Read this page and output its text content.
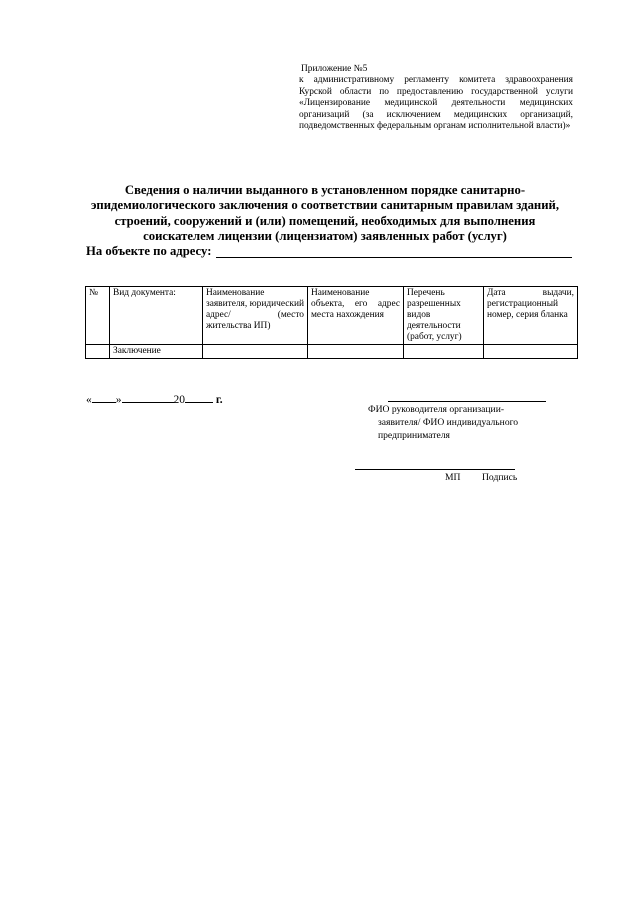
Приложение №5
к административному регламенту комитета здравоохранения Курской области по предоставлению государственной услуги «Лицензирование медицинской деятельности медицинских организаций (за исключением медицинских организаций, подведомственных федеральным органам исполнительной власти)»
Сведения о наличии выданного в установленном порядке санитарно-
эпидемиологического заключения о соответствии санитарным правилам зданий,
строений, сооружений и (или) помещений, необходимых для выполнения
соискателем лицензии (лицензиатом) заявленных работ (услуг)
На объекте по адресу:
№	Вид документа:	Наименование заявителя, юридический адрес/ (место жительства ИП)	Наименование объекта, его адрес места нахождения	Перечень разрешенных видов деятельности (работ, услуг)	Дата выдачи, регистрационный номер, серия бланка
	Заключение				
« »	20	г.
ФИО руководителя организации-
заявителя/ ФИО индивидуального
предпринимателя
МП Подпись
